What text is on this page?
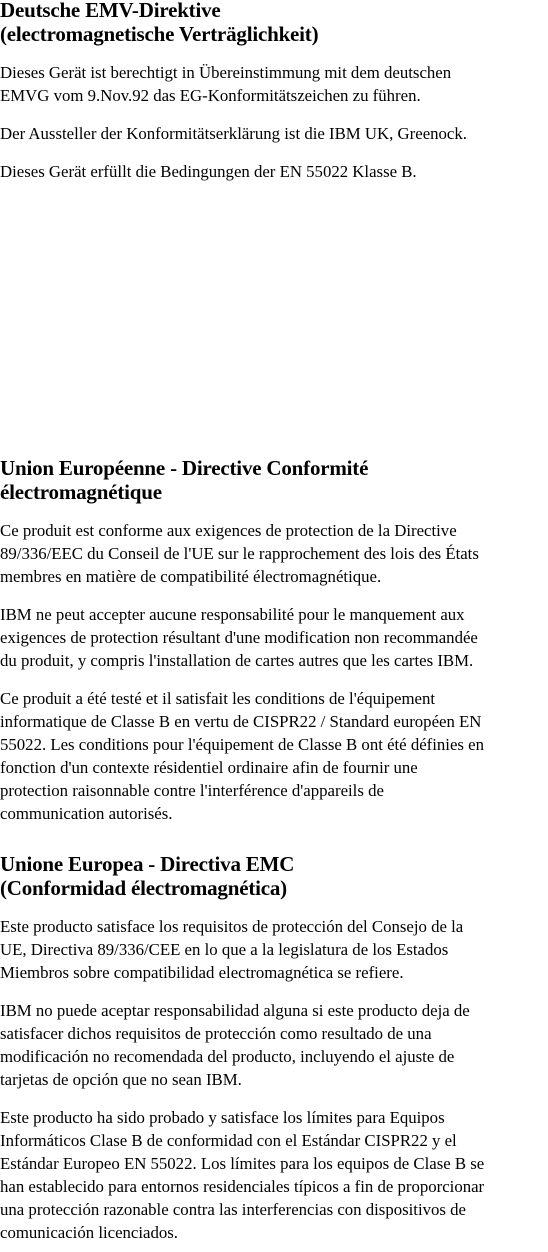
Deutsche EMV-Direktive
(electromagnetische Verträglichkeit)

Dieses Gerät ist berechtigt in Übereinstimmung mit dem deutschen
EMVG vom 9.Nov.92 das EG-Konformitätszeichen zu führen.

Der Aussteller der Konformitätserklärung ist die IBM UK, Greenock.

Dieses Gerät erfüllt die Bedingungen der EN 55022 Klasse B.

Union Européenne - Directive Conformité
électromagnétique

Ce produit est conforme aux exigences de protection de la Directive
89/336/EEC du Conseil de l'UE sur le rapprochement des lois des États
membres en matière de compatibilité électromagnétique.

IBM ne peut accepter aucune responsabilité pour le manquement aux
exigences de protection résultant d'une modification non recommandée
du produit, y compris l'installation de cartes autres que les cartes IBM.

Ce produit a été testé et il satisfait les conditions de l'équipement
informatique de Classe B en vertu de CISPR22 / Standard européen EN
55022. Les conditions pour l'équipement de Classe B ont été définies en
fonction d'un contexte résidentiel ordinaire afin de fournir une
protection raisonnable contre l'interférence d'appareils de
communication autorisés.

Unione Europea - Directiva EMC
(Conformidad électromagnética)

Este producto satisface los requisitos de protección del Consejo de la
UE, Directiva 89/336/CEE en lo que a la legislatura de los Estados
Miembros sobre compatibilidad electromagnética se refiere.

IBM no puede aceptar responsabilidad alguna si este producto deja de
satisfacer dichos requisitos de protección como resultado de una
modificación no recomendada del producto, incluyendo el ajuste de
tarjetas de opción que no sean IBM.

Este producto ha sido probado y satisface los límites para Equipos
Informáticos Clase B de conformidad con el Estándar CISPR22 y el
Estándar Europeo EN 55022. Los límites para los equipos de Clase B se
han establecido para entornos residenciales típicos a fin de proporcionar
una protección razonable contra las interferencias con dispositivos de
comunicación licenciados.
